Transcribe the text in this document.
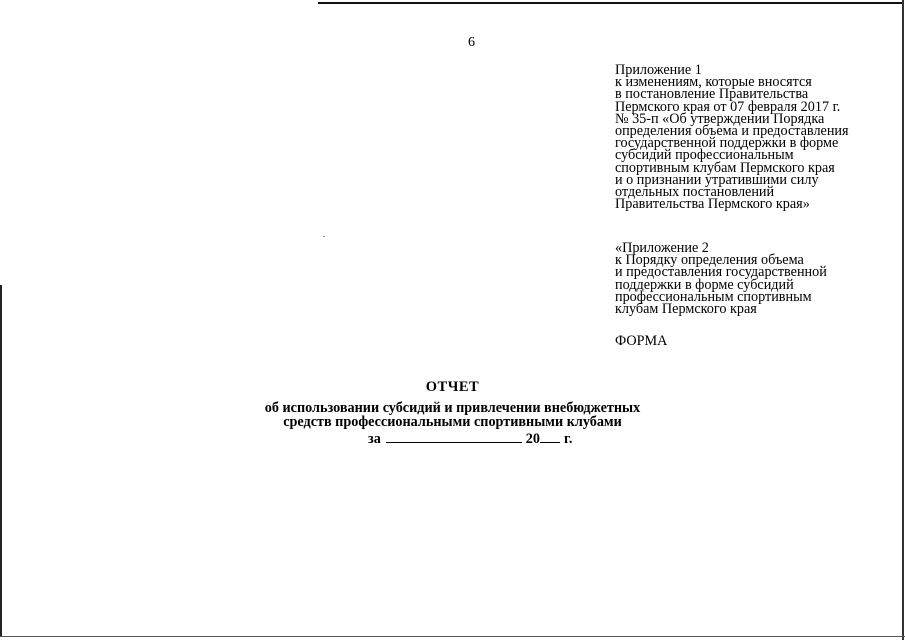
6
Приложение 1
к изменениям, которые вносятся
в постановление Правительства
Пермского края от 07 февраля 2017 г.
№ 35-п «Об утверждении Порядка
определения объема и предоставления
государственной поддержки в форме
субсидий профессиональным
спортивным клубам Пермского края
и о признании утратившими силу
отдельных постановлений
Правительства Пермского края»
«Приложение 2
к Порядку определения объема
и предоставления государственной
поддержки в форме субсидий
профессиональным спортивным
клубам Пермского края
ФОРМА
ОТЧЕТ
об использовании субсидий и привлечении внебюджетных
средств профессиональными спортивными клубами
за	20 г.
